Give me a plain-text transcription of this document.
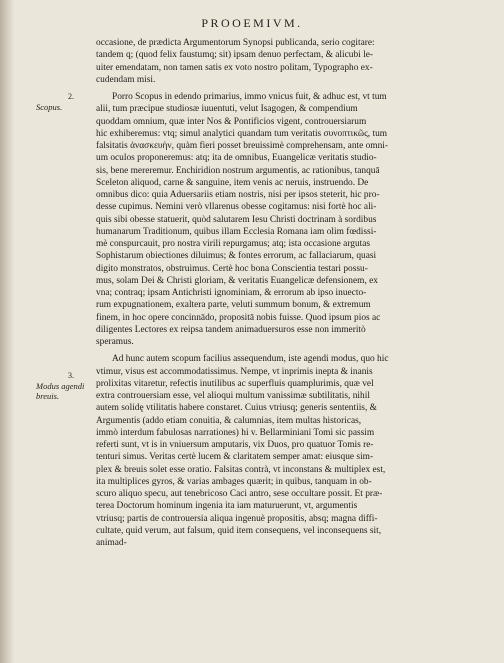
PROOEMIVM.
2.
Scopus.
3.
Modus agendi breuis.

occasione, de prædicta Argumentorum Synopsi publicanda, serio cogitare:
tandem q; (quod felix faustumq; sit) ipsam denuo perfectam, & alicubi le-
uiter emendatam, non tamen satis ex voto nostro politam, Typographo ex-
cudendam misi.

Porro Scopus in edendo primarius, immo vnicus fuit, & adhuc est, vt tum
alii, tum præcipue studiosæ iuuentuti, velut Isagogen, & compendium
quoddam omnium, quæ inter Nos & Pontificios vigent, controuersiarum
hic exhiberemus: vtq; simul analytici quandam tum veritatis συνοπτικῶς, tum
falsitatis ἀνασκευὴν, quàm fieri posset breuissimè comprehensam, ante omni-
um oculos proponeremus: atq; ita de omnibus, Euangelicæ veritatis studio-
sis, bene mereremur. Enchiridion nostrum argumentis, ac rationibus, tanquā
Sceleton aliquod, carne & sanguine, item venis ac neruis, instruendo. De
omnibus dico: quia Aduersariis etiam nostris, nisi per ipsos steterit, hic pro-
desse cupimus. Nemini verò vllarenus obesse cogitamus: nisi fortè hoc ali-
quis sibi obesse statuerit, quòd salutarem Iesu Christi doctrinam à sordibus
humanarum Traditionum, quibus illam Ecclesia Romana iam olim fœdissi-
mè conspurcauit, pro nostra virili repurgamus; atq; ista occasione argutas
Sophistarum obiectiones diluimus; & fontes errorum, ac fallaciarum, quasi
digito monstratos, obstruimus. Certè hoc bona Conscientia testari possu-
mus, solam Dei & Christi gloriam, & veritatis Euangelicæ defensionem, ex
vna; contraq; ipsam Antichristi ignominiam, & errorum ab ipso inuecto-
rum expugnationem, exaltera parte, veluti summum bonum, & extremum
finem, in hoc opere concinnādo, propositā nobis fuisse. Quod ipsum pios ac
diligentes Lectores ex reipsa tandem animaduersuros esse non immeritò
speramus.

Ad hunc autem scopum facilius assequendum, iste agendi modus, quo hic
vtimur, visus est accommodatissimus. Nempe, vt inprimis inepta & inanis
prolixitas vitaretur, refectis inutilibus ac superfluis quamplurimis, quæ vel
extra controuersiam esse, vel alioqui multum vanissimæ subtilitatis, nihil
autem solidę vtilitatis habere constaret. Cuius vtriusq; generis sententiis, &
Argumentis (addo etiam conuitia, & calumnias, item multas historicas,
immò interdum fabulosas narrationes) hi v. Bellarminiani Tomi sic passim
referti sunt, vt is in vniuersum amputaris, vix Duos, pro quatuor Tomis re-
tenturi simus. Veritas certè lucem & claritatem semper amat: eiusque sim-
plex & breuis solet esse oratio. Falsitas contrà, vt inconstans & multiplex est,
ita multiplices gyros, & varias ambages quærit; in quibus, tanquam in ob-
scuro aliquo specu, aut tenebricoso Caci antro, sese occultare possit. Et præ-
terea Doctorum hominum ingenia ita iam maturuerunt, vt, argumentis
vtriusq; partis de controuersia aliqua ingenuè propositis, absq; magna diffi-
cultate, quid verum, aut falsum, quid item consequens, vel inconsequens sit,
animad-
